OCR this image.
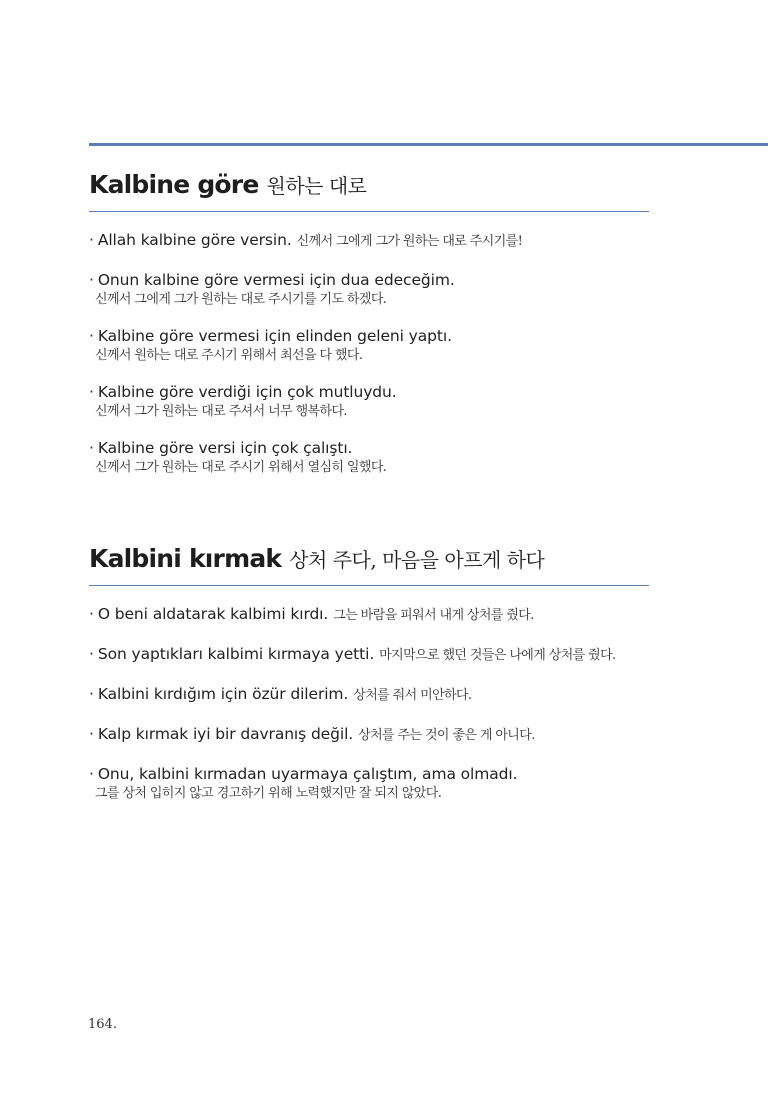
Kalbine göre 원하는 대로
· Allah kalbine göre versin. 신께서 그에게 그가 원하는 대로 주시기를!
· Onun kalbine göre vermesi için dua edeceğim.
신께서 그에게 그가 원하는 대로 주시기를 기도 하겠다.
· Kalbine göre vermesi için elinden geleni yaptı.
신께서 원하는 대로 주시기 위해서 최선을 다 했다.
· Kalbine göre verdiği için çok mutluydu.
신께서 그가 원하는 대로 주셔서 너무 행복하다.
· Kalbine göre versi için çok çalıştı.
신께서 그가 원하는 대로 주시기 위해서 열심히 일했다.
Kalbini kırmak 상처 주다, 마음을 아프게 하다
· O beni aldatarak kalbimi kırdı. 그는 바람을 피워서 내게 상처를 줬다.
· Son yaptıkları kalbimi kırmaya yetti. 마지막으로 했던 것들은 나에게 상처를 줬다.
· Kalbini kırdığım için özür dilerim. 상처를 줘서 미안하다.
· Kalp kırmak iyi bir davranış değil. 상처를 주는 것이 좋은 게 아니다.
· Onu, kalbini kırmadan uyarmaya çalıştım, ama olmadı.
그를 상처 입히지 않고 경고하기 위해 노력했지만 잘 되지 않았다.
164.
